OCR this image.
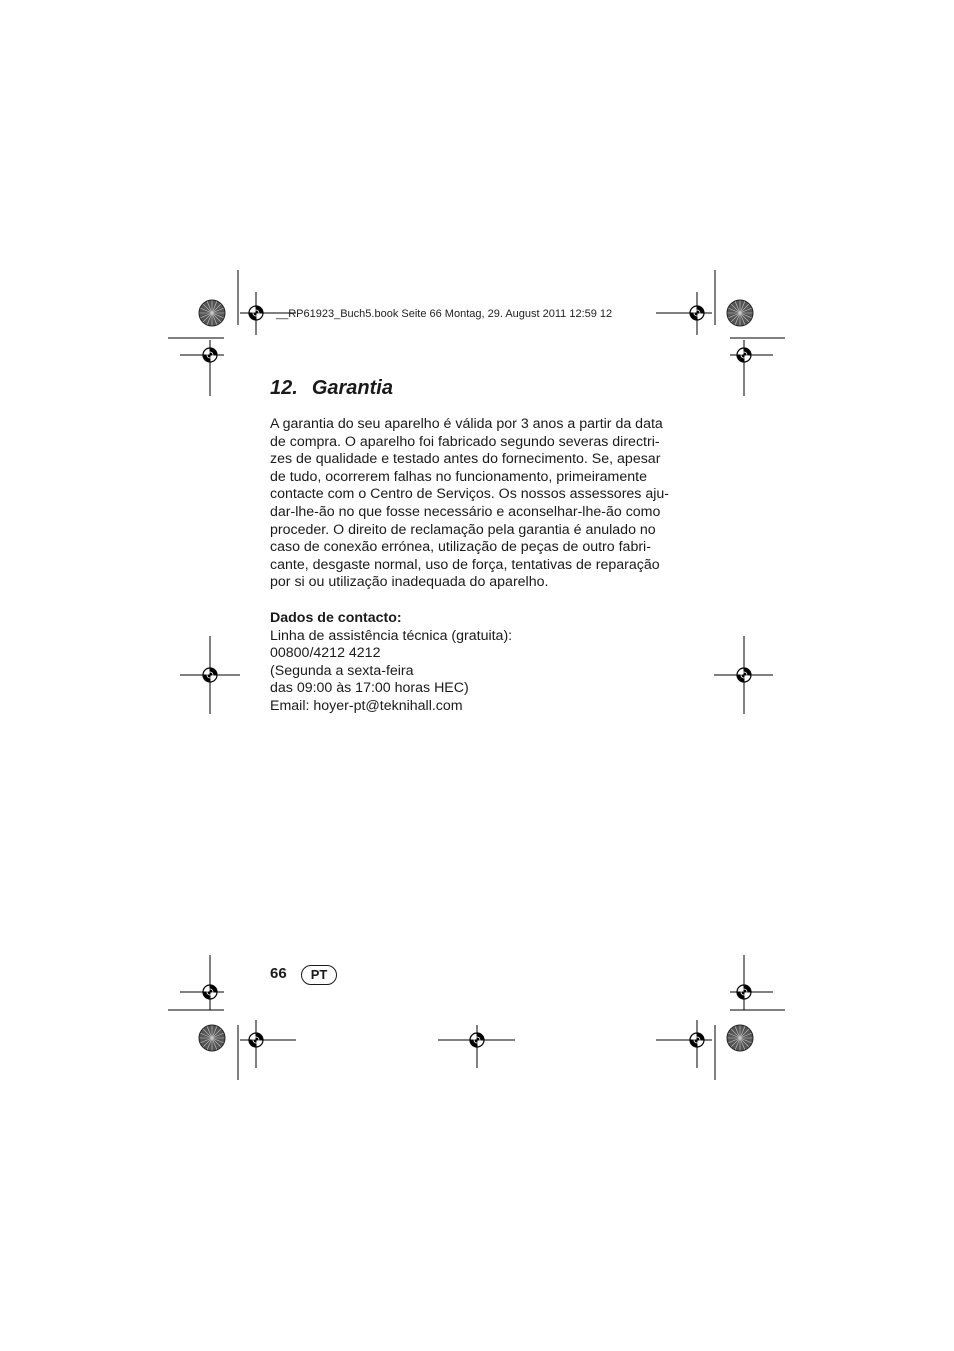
__RP61923_Buch5.book Seite 66 Montag, 29. August 2011 12:59 12
12. Garantia
A garantia do seu aparelho é válida por 3 anos a partir da data
de compra. O aparelho foi fabricado segundo severas directri-
zes de qualidade e testado antes do fornecimento. Se, apesar
de tudo, ocorrerem falhas no funcionamento, primeiramente
contacte com o Centro de Serviços. Os nossos assessores aju-
dar-lhe-ão no que fosse necessário e aconselhar-lhe-ão como
proceder. O direito de reclamação pela garantia é anulado no
caso de conexão errónea, utilização de peças de outro fabri-
cante, desgaste normal, uso de força, tentativas de reparação
por si ou utilização inadequada do aparelho.
Dados de contacto:
Linha de assistência técnica (gratuita):
00800/4212 4212
(Segunda a sexta-feira
das 09:00 às 17:00 horas HEC)
Email: hoyer-pt@teknihall.com
66	PT
